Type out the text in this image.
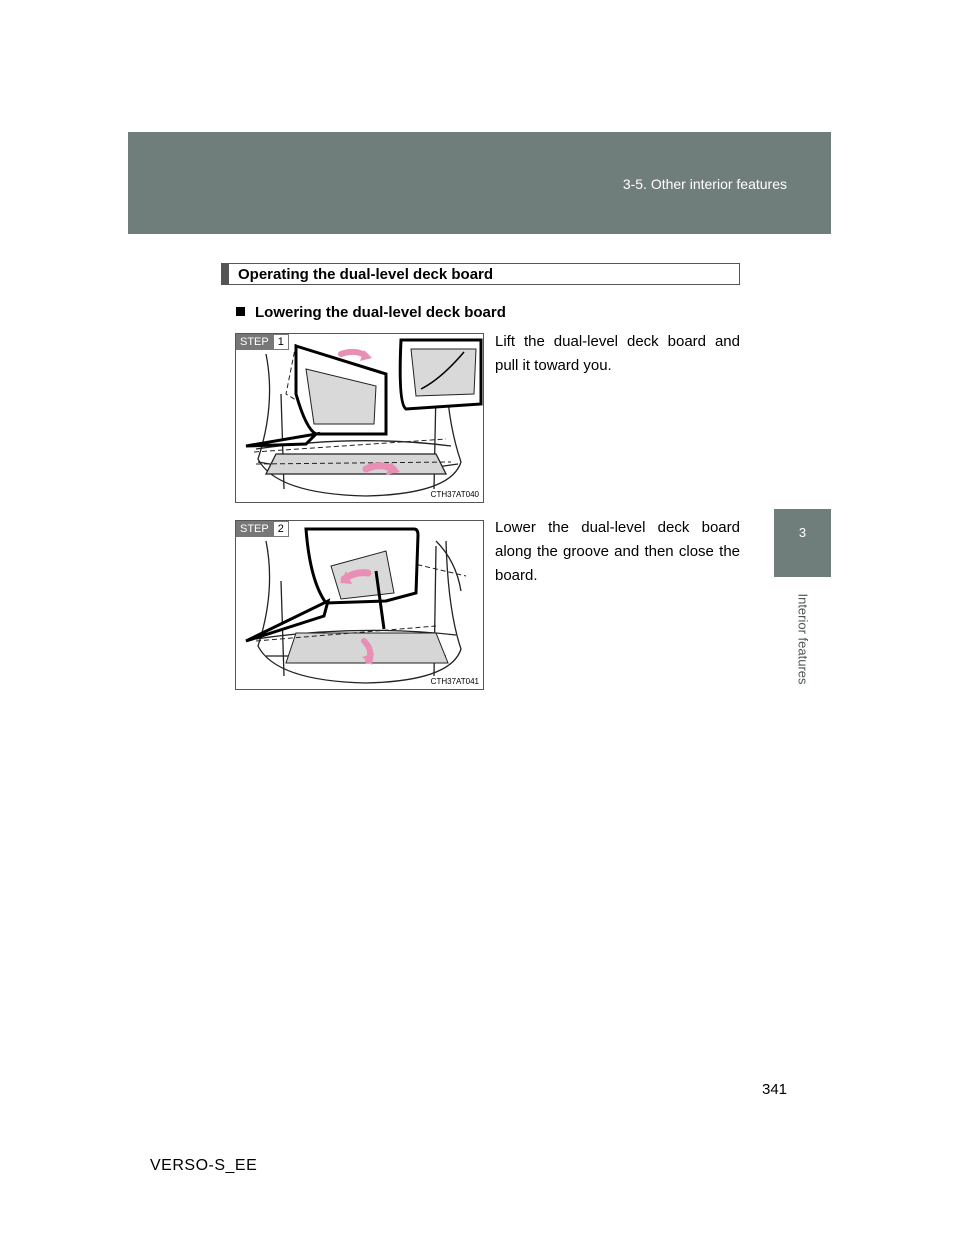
3-5. Other interior features
3
Interior features
Operating the dual-level deck board
Lowering the dual-level deck board
STEP 1
CTH37AT040
Lift the dual-level deck board and pull it toward you.
STEP 2
CTH37AT041
Lower the dual-level deck board along the groove and then close the board.
341
VERSO-S_EE
